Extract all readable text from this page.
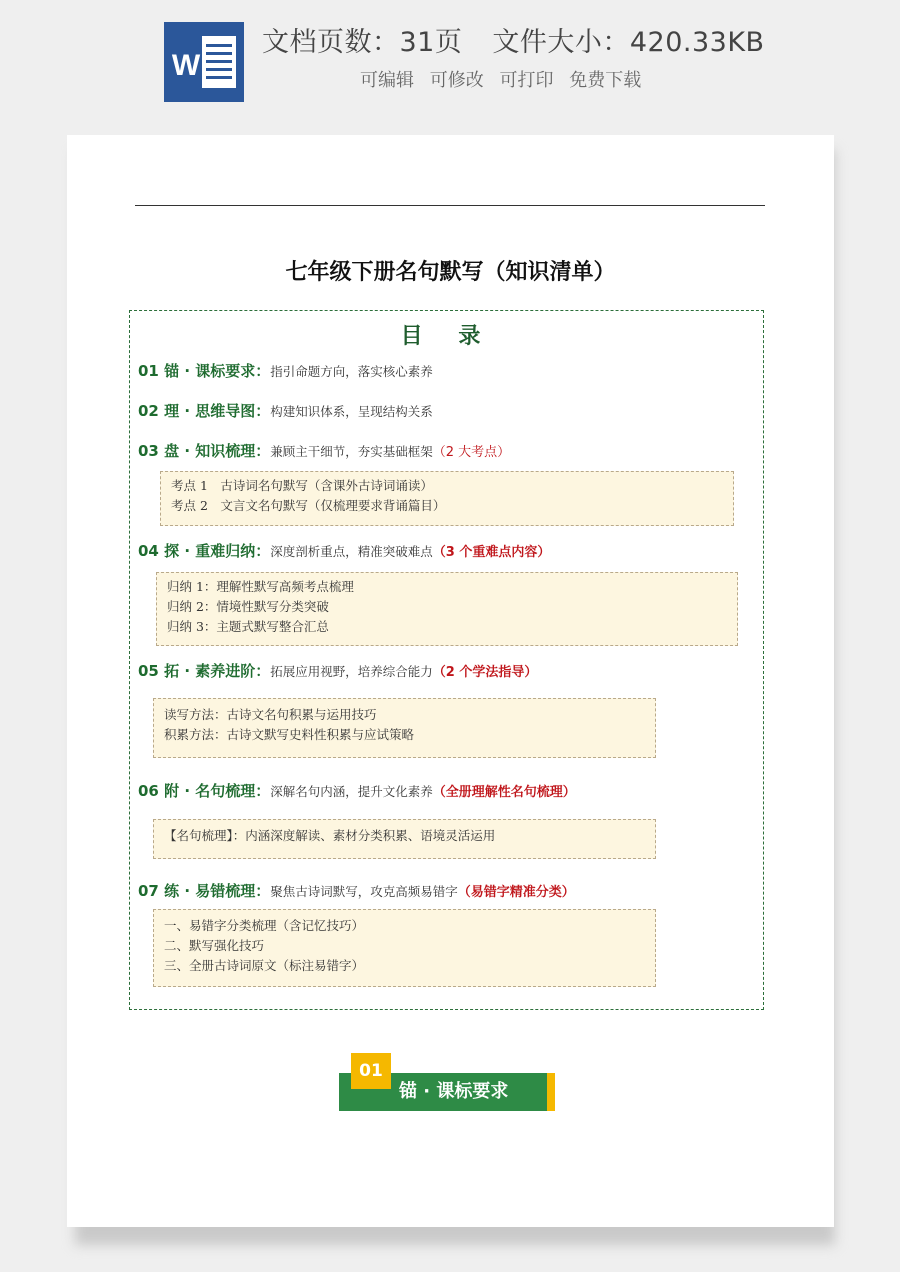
W
文档页数：31页 文件大小：420.33KB
可编辑 可修改 可打印 免费下载
七年级下册名句默写（知识清单）
目 录
01 锚 · 课标要求：指引命题方向，落实核心素养
02 理 · 思维导图：构建知识体系，呈现结构关系
03 盘 · 知识梳理：兼顾主干细节，夯实基础框架（2 大考点）
考点 1　古诗词名句默写（含课外古诗词诵读）
考点 2　文言文名句默写（仅梳理要求背诵篇目）
04 探 · 重难归纳：深度剖析重点，精准突破难点（3 个重难点内容）
归纳 1：理解性默写高频考点梳理
归纳 2：情境性默写分类突破
归纳 3：主题式默写整合汇总
05 拓 · 素养进阶：拓展应用视野，培养综合能力（2 个学法指导）
读写方法：古诗文名句积累与运用技巧
积累方法：古诗文默写史料性积累与应试策略
06 附 · 名句梳理：深解名句内涵，提升文化素养（全册理解性名句梳理）
【名句梳理】：内涵深度解读、素材分类积累、语境灵活运用
07 练 · 易错梳理：聚焦古诗词默写，攻克高频易错字（易错字精准分类）
一、易错字分类梳理（含记忆技巧）
二、默写强化技巧
三、全册古诗词原文（标注易错字）
01
锚 · 课标要求
